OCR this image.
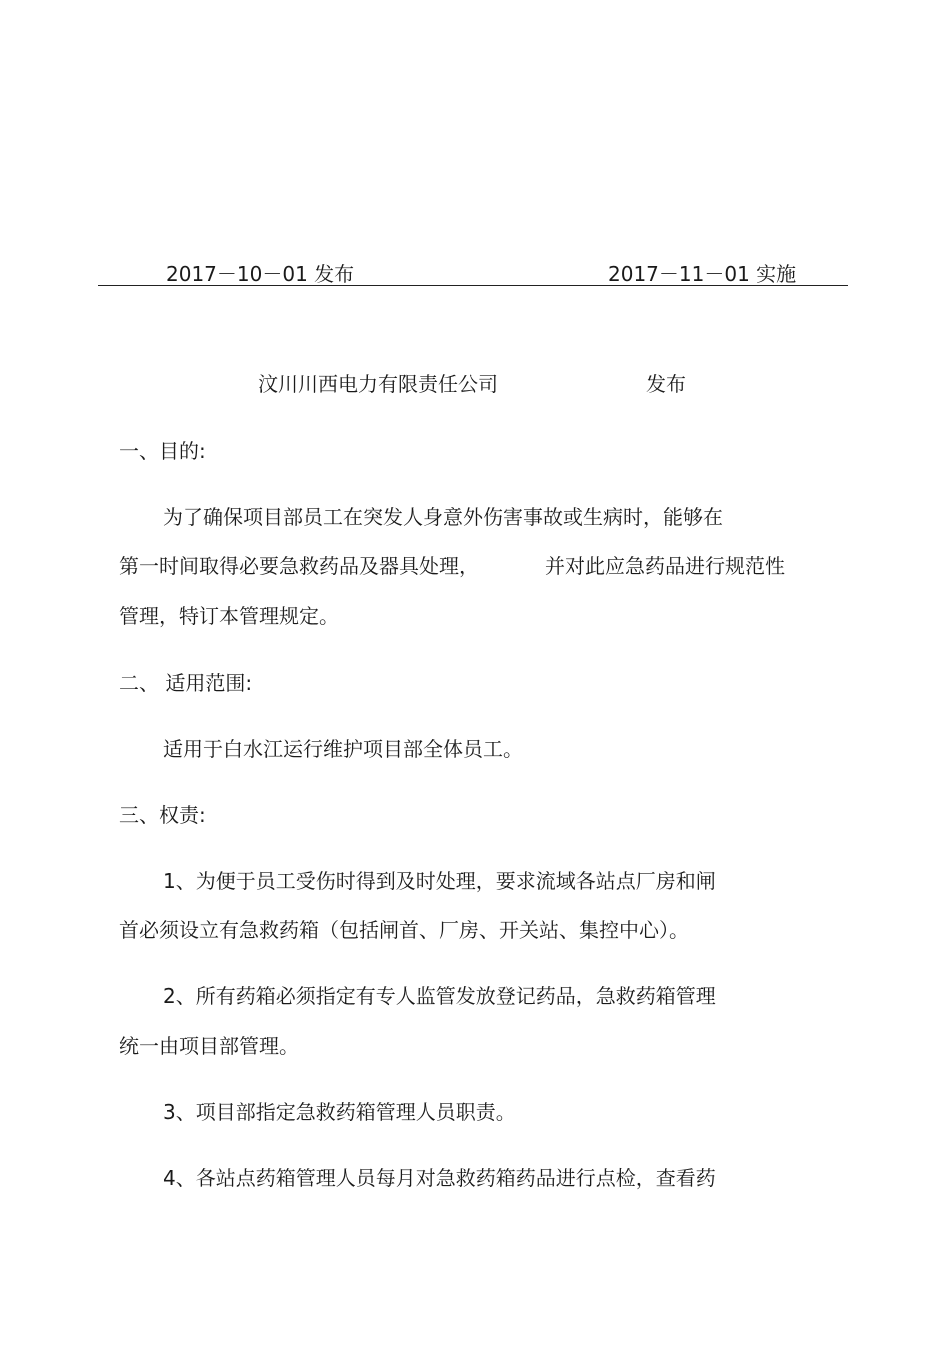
2017－10－01 发布	2017－11－01 实施
汶川川西电力有限责任公司	发布
一、目的:
为了确保项目部员工在突发人身意外伤害事故或生病时，能够在
第一时间取得必要急救药品及器具处理，	并对此应急药品进行规范性
管理，特订本管理规定。
二、 适用范围:
适用于白水江运行维护项目部全体员工。
三、权责:
1、为便于员工受伤时得到及时处理，要求流域各站点厂房和闸
首必须设立有急救药箱（包括闸首、厂房、开关站、集控中心）。
2、所有药箱必须指定有专人监管发放登记药品，急救药箱管理
统一由项目部管理。
3、项目部指定急救药箱管理人员职责。
4、各站点药箱管理人员每月对急救药箱药品进行点检，查看药
